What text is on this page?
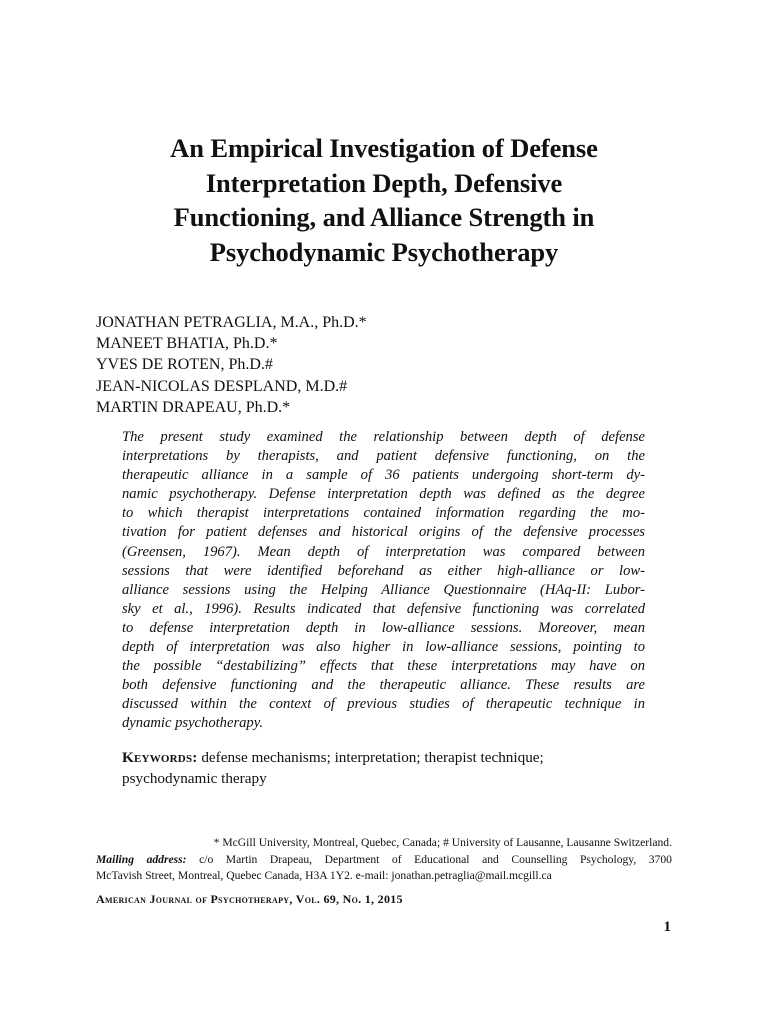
An Empirical Investigation of Defense
Interpretation Depth, Defensive
Functioning, and Alliance Strength in
Psychodynamic Psychotherapy
JONATHAN PETRAGLIA, M.A., Ph.D.*
MANEET BHATIA, Ph.D.*
YVES DE ROTEN, Ph.D.#
JEAN-NICOLAS DESPLAND, M.D.#
MARTIN DRAPEAU, Ph.D.*
The present study examined the relationship between depth of defense
interpretations by therapists, and patient defensive functioning, on the
therapeutic alliance in a sample of 36 patients undergoing short-term dy-
namic psychotherapy. Defense interpretation depth was defined as the degree
to which therapist interpretations contained information regarding the mo-
tivation for patient defenses and historical origins of the defensive processes
(Greensen, 1967). Mean depth of interpretation was compared between
sessions that were identified beforehand as either high-alliance or low-
alliance sessions using the Helping Alliance Questionnaire (HAq-II: Lubor-
sky et al., 1996). Results indicated that defensive functioning was correlated
to defense interpretation depth in low-alliance sessions. Moreover, mean
depth of interpretation was also higher in low-alliance sessions, pointing to
the possible “destabilizing” effects that these interpretations may have on
both defensive functioning and the therapeutic alliance. These results are
discussed within the context of previous studies of therapeutic technique in
dynamic psychotherapy.
Keywords: defense mechanisms; interpretation; therapist technique;
psychodynamic therapy
* McGill University, Montreal, Quebec, Canada; # University of Lausanne, Lausanne Switzerland.
Mailing address: c/o Martin Drapeau, Department of Educational and Counselling Psychology, 3700
McTavish Street, Montreal, Quebec Canada, H3A 1Y2. e-mail: jonathan.petraglia@mail.mcgill.ca
American Journal of Psychotherapy, Vol. 69, No. 1, 2015
1
